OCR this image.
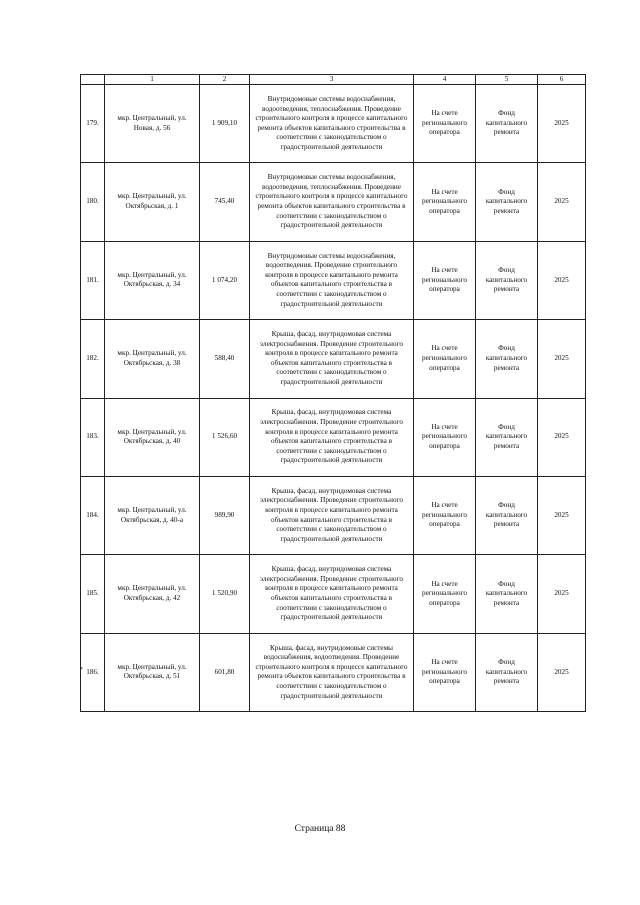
	1	2	3	4	5	6
179.	мкр. Центральный, ул. Новая, д. 56	1 909,10	Внутридомовые системы водоснабжения, водоотведения, теплоснабжения. Проведение строительного контроля в процессе капитального ремонта объектов капитального строительства в соответствии с законодательством о градостроительной деятельности	На счете регионального оператора	Фонд капитального ремонта	2025
180.	мкр. Центральный, ул. Октябрьская, д. 1	745,40	Внутридомовые системы водоснабжения, водоотведения, теплоснабжения. Проведение строительного контроля в процессе капитального ремонта объектов капитального строительства в соответствии с законодательством о градостроительной деятельности	На счете регионального оператора	Фонд капитального ремонта	2025
181.	мкр. Центральный, ул. Октябрьская, д. 34	1 074,20	Внутридомовые системы водоснабжения, водоотведения. Проведение строительного контроля в процессе капитального ремонта объектов капитального строительства в соответствии с законодательством о градостроительной деятельности	На счете регионального оператора	Фонд капитального ремонта	2025
182.	мкр. Центральный, ул. Октябрьская, д. 38	588,40	Крыша, фасад, внутридомовая система электроснабжения. Проведение строительного контроля в процессе капитального ремонта объектов капитального строительства в соответствии с законодательством о градостроительной деятельности	На счете регионального оператора	Фонд капитального ремонта	2025
183.	мкр. Центральный, ул. Октябрьская, д. 40	1 526,60	Крыша, фасад, внутридомовая система электроснабжения. Проведение строительного контроля в процессе капитального ремонта объектов капитального строительства в соответствии с законодательством о градостроительной деятельности	На счете регионального оператора	Фонд капитального ремонта	2025
184.	мкр. Центральный, ул. Октябрьская, д. 40-а	989,90	Крыша, фасад, внутридомовая система электроснабжения. Проведение строительного контроля в процессе капитального ремонта объектов капитального строительства в соответствии с законодательством о градостроительной деятельности	На счете регионального оператора	Фонд капитального ремонта	2025
185.	мкр. Центральный, ул. Октябрьская, д. 42	1 520,90	Крыша, фасад, внутридомовая система электроснабжения. Проведение строительного контроля в процессе капитального ремонта объектов капитального строительства в соответствии с законодательством о градостроительной деятельности	На счете регионального оператора	Фонд капитального ремонта	2025

* 186.	мкр. Центральный, ул. Октябрьская, д. 51	601,80	Крыша, фасад, внутридомовые системы водоснабжения, водоотведения. Проведение строительного контроля в процессе капитального ремонта объектов капитального строительства в соответствии с законодательством о градостроительной деятельности	На счете регионального оператора	Фонд капитального ремонта	2025
Страница 88
